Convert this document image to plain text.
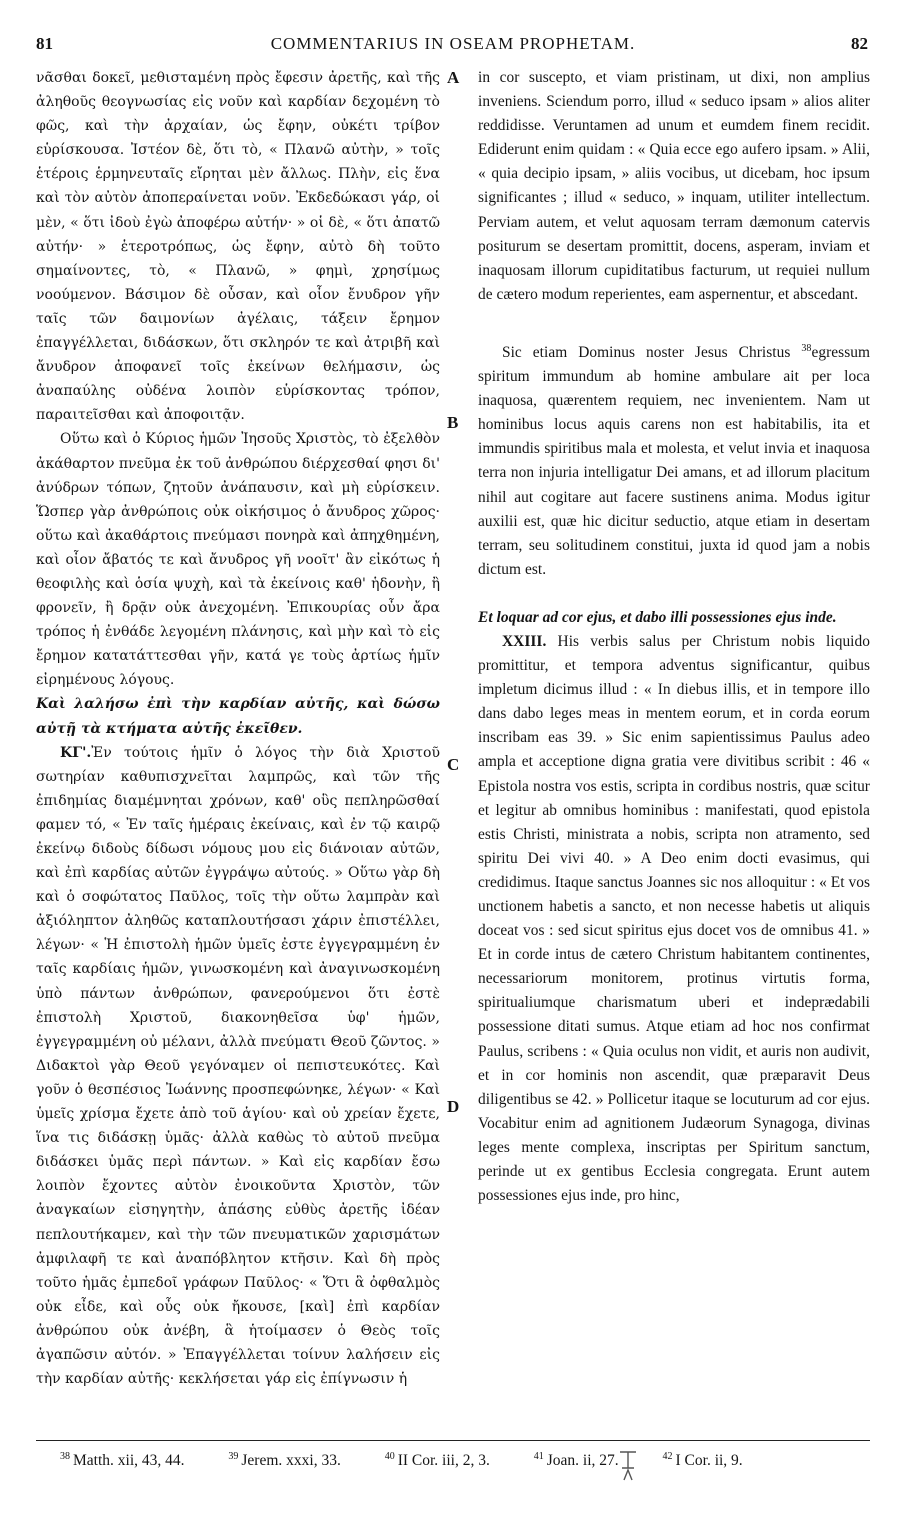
81	COMMENTARIUS IN OSEAM PROPHETAM.	82

νᾶσθαι δοκεῖ, μεθισταμένη πρὸς ἔφεσιν ἀρετῆς, καὶ τῆς ἀληθοῦς θεογνωσίας εἰς νοῦν καὶ καρδίαν δεχομένη τὸ φῶς, καὶ τὴν ἀρχαίαν, ὡς ἔφην, οὐκέτι τρίβον εὑρίσκουσα. Ἰστέον δὲ, ὅτι τὸ, « Πλανῶ αὐτὴν, » τοῖς ἑτέροις ἑρμηνευταῖς εἴρηται μὲν ἄλλως. Πλὴν, εἰς ἕνα καὶ τὸν αὐτὸν ἀποπεραίνεται νοῦν. Ἐκδεδώκασι γάρ, οἱ μὲν, « ὅτι ἰδοὺ ἐγὼ ἀποφέρω αὐτήν· » οἱ δὲ, « ὅτι ἀπατῶ αὐτήν· » ἑτεροτρόπως, ὡς ἔφην, αὐτὸ δὴ τοῦτο σημαίνοντες, τὸ, « Πλανῶ, » φημὶ, χρησίμως νοούμενον. Βάσιμον δὲ οὖσαν, καὶ οἷον ἔνυδρον γῆν ταῖς τῶν δαιμονίων ἀγέλαις, τάξειν ἔρημον ἐπαγγέλλεται, διδάσκων, ὅτι σκληρόν τε καὶ ἀτριβῆ καὶ ἄνυδρον ἀποφανεῖ τοῖς ἐκείνων θελήμασιν, ὡς ἀναπαύλης οὐδένα λοιπὸν εὑρίσκοντας τρόπον, παραιτεῖσθαι καὶ ἀποφοιτᾷν.

Οὕτω καὶ ὁ Κύριος ἡμῶν Ἰησοῦς Χριστὸς, τὸ ἐξελθὸν ἀκάθαρτον πνεῦμα ἐκ τοῦ ἀνθρώπου διέρχεσθαί φησι δι' ἀνύδρων τόπων, ζητοῦν ἀνάπαυσιν, καὶ μὴ εὑρίσκειν. Ὥσπερ γὰρ ἀνθρώποις οὐκ οἰκήσιμος ὁ ἄνυδρος χῶρος· οὕτω καὶ ἀκαθάρτοις πνεύμασι πονηρὰ καὶ ἀπηχθημένη, καὶ οἷον ἄβατός τε καὶ ἄνυδρος γῆ νοοῖτ' ἂν εἰκότως ἡ θεοφιλὴς καὶ ὁσία ψυχὴ, καὶ τὰ ἐκείνοις καθ' ἡδονὴν, ἢ φρονεῖν, ἢ δρᾷν οὐκ ἀνεχομένη. Ἐπικουρίας οὖν ἄρα τρόπος ἡ ἐνθάδε λεγομένη πλάνησις, καὶ μὴν καὶ τὸ εἰς ἔρημον κατατάττεσθαι γῆν, κατά γε τοὺς ἀρτίως ἡμῖν εἰρημένους λόγους.

Καὶ λαλήσω ἐπὶ τὴν καρδίαν αὐτῆς, καὶ δώσω αὐτῇ τὰ κτήματα αὐτῆς ἐκεῖθεν.

ΚΓ'.Ἐν τούτοις ἡμῖν ὁ λόγος τὴν διὰ Χριστοῦ σωτηρίαν καθυπισχνεῖται λαμπρῶς, καὶ τῶν τῆς ἐπιδημίας διαμέμνηται χρόνων, καθ' οὓς πεπληρῶσθαί φαμεν τό, « Ἐν ταῖς ἡμέραις ἐκείναις, καὶ ἐν τῷ καιρῷ ἐκείνῳ διδοὺς δίδωσι νόμους μου εἰς διάνοιαν αὐτῶν, καὶ ἐπὶ καρδίας αὐτῶν ἐγγράψω αὐτούς. » Οὕτω γὰρ δὴ καὶ ὁ σοφώτατος Παῦλος, τοῖς τὴν οὕτω λαμπρὰν καὶ ἀξιόληπτον ἀληθῶς καταπλουτήσασι χάριν ἐπιστέλλει, λέγων· « Ἡ ἐπιστολὴ ἡμῶν ὑμεῖς ἐστε ἐγγεγραμμένη ἐν ταῖς καρδίαις ἡμῶν, γινωσκομένη καὶ ἀναγινωσκομένη ὑπὸ πάντων ἀνθρώπων, φανερούμενοι ὅτι ἐστὲ ἐπιστολὴ Χριστοῦ, διακονηθεῖσα ὑφ' ἡμῶν, ἐγγεγραμμένη οὐ μέλανι, ἀλλὰ πνεύματι Θεοῦ ζῶντος. » Διδακτοὶ γὰρ Θεοῦ γεγόναμεν οἱ πεπιστευκότες. Καὶ γοῦν ὁ θεσπέσιος Ἰωάννης προσπεφώνηκε, λέγων· « Καὶ ὑμεῖς χρίσμα ἔχετε ἀπὸ τοῦ ἁγίου· καὶ οὐ χρείαν ἔχετε, ἵνα τις διδάσκῃ ὑμᾶς· ἀλλὰ καθὼς τὸ αὐτοῦ πνεῦμα διδάσκει ὑμᾶς περὶ πάντων. » Καὶ εἰς καρδίαν ἔσω λοιπὸν ἔχοντες αὐτὸν ἐνοικοῦντα Χριστὸν, τῶν ἀναγκαίων εἰσηγητὴν, ἁπάσης εὐθὺς ἀρετῆς ἰδέαν πεπλουτήκαμεν, καὶ τὴν τῶν πνευματικῶν χαρισμάτων ἀμφιλαφῆ τε καὶ ἀναπόβλητον κτῆσιν. Καὶ δὴ πρὸς τοῦτο ἡμᾶς ἐμπεδοῖ γράφων Παῦλος· « Ὅτι ἃ ὀφθαλμὸς οὐκ εἶδε, καὶ οὖς οὐκ ἤκουσε, [καὶ] ἐπὶ καρδίαν ἀνθρώπου οὐκ ἀνέβη, ἃ ἡτοίμασεν ὁ Θεὸς τοῖς ἀγαπῶσιν αὐτόν. » Ἐπαγγέλλεται τοίνυν λαλήσειν εἰς τὴν καρδίαν αὐτῆς· κεκλήσεται γάρ εἰς ἐπίγνωσιν ἡ

in cor suscepto, et viam pristinam, ut dixi, non amplius inveniens. Sciendum porro, illud « seduco ipsam » alios aliter reddidisse. Veruntamen ad unum et eumdem finem recidit. Ediderunt enim quidam : « Quia ecce ego aufero ipsam. » Alii, « quia decipio ipsam, » aliis vocibus, ut dicebam, hoc ipsum significantes ; illud « seduco, » inquam, utiliter intellectum. Perviam autem, et velut aquosam terram dæmonum catervis positurum se desertam promittit, docens, asperam, inviam et inaquosam illorum cupiditatibus facturum, ut requiei nullum de cætero modum reperientes, eam aspernentur, et abscedant.

Sic etiam Dominus noster Jesus Christus $^{38}$egressum spiritum immundum ab homine ambulare ait per loca inaquosa, quærentem requiem, nec invenientem. Nam ut hominibus locus aquis carens non est habitabilis, ita et immundis spiritibus mala et molesta, et velut invia et inaquosa terra non injuria intelligatur Dei amans, et ad illorum placitum nihil aut cogitare aut facere sustinens anima. Modus igitur auxilii est, quæ hic dicitur seductio, atque etiam in desertam terram, seu solitudinem constitui, juxta id quod jam a nobis dictum est.

Et loquar ad cor ejus, et dabo illi possessiones ejus inde.

XXIII. His verbis salus per Christum nobis liquido promittitur, et tempora adventus significantur, quibus impletum dicimus illud : « In diebus illis, et in tempore illo dans dabo leges meas in mentem eorum, et in corda eorum inscribam eas 39. » Sic enim sapientissimus Paulus adeo ampla et acceptione digna gratia vere divitibus scribit : 46 « Epistola nostra vos estis, scripta in cordibus nostris, quæ scitur et legitur ab omnibus hominibus : manifestati, quod epistola estis Christi, ministrata a nobis, scripta non atramento, sed spiritu Dei vivi 40. » A Deo enim docti evasimus, qui credidimus. Itaque sanctus Joannes sic nos alloquitur : « Et vos unctionem habetis a sancto, et non necesse habetis ut aliquis doceat vos : sed sicut spiritus ejus docet vos de omnibus 41. » Et in corde intus de cætero Christum habitantem continentes, necessariorum monitorem, protinus virtutis forma, spiritualiumque charismatum uberi et indeprædabili possessione ditati sumus. Atque etiam ad hoc nos confirmat Paulus, scribens : « Quia oculus non vidit, et auris non audivit, et in cor hominis non ascendit, quæ præparavit Deus diligentibus se 42. » Pollicetur itaque se locuturum ad cor ejus. Vocabitur enim ad agnitionem Judæorum Synagoga, divinas leges mente complexa, inscriptas per Spiritum sanctum, perinde ut ex gentibus Ecclesia congregata. Erunt autem possessiones ejus inde, pro hinc,

A
B
C
D
$^{38}$ Matth. xii, 43, 44.	$^{39}$ Jerem. xxxi, 33.	$^{40}$ II Cor. iii, 2, 3.	$^{41}$ Joan. ii, 27.	$^{42}$ I Cor. ii, 9.
